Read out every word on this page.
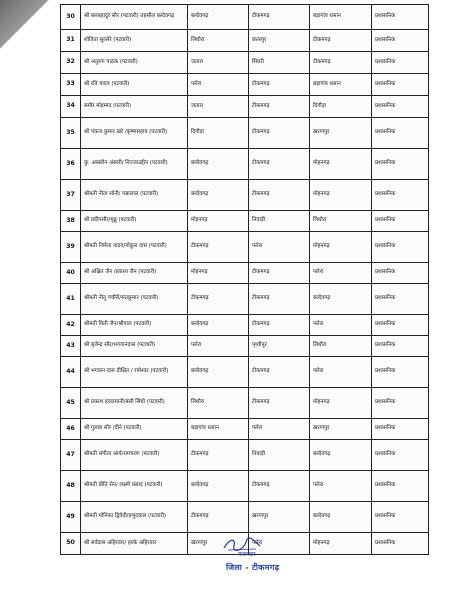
30	श्री बलबहादुर सौर (पटवारी) तहसील बल्देवगढ़	बल्देवगढ़	टीकमगढ़	बड़ागांव धसान	प्रशासनिक
31	शोविता सुल्लेरे (पटवारी)	लिधौरा	छतरपुर	टीकमगढ़	प्रशासनिक
32	श्री अनुराग पाठक (पटवारी)	जतारा	सिंधरी	टीकमगढ़	प्रशासनिक
33	श्री रवि यादव (पटवारी)	पलेरा	टीकमगढ़	बड़ागांव धसान	प्रशासनिक
34	समीर मोहम्मद (पटवारी)	जतारा	टीकमगढ़	दिगौड़ा	प्रशासनिक
35	श्री पंकज कुमार खरे /कृष्णसहाय (पटवारी)	दिगौड़ा	टीकमगढ़	खरगापुर	प्रशासनिक
36	कु. अब्बरीन अंसारी/ निज्जाउद्दीन (पटवारी)	बल्देवगढ़	टीकमगढ़	मोहनगढ़	प्रशासनिक
37	श्रीमती नीता सोनी/ पन्नालाल (पटवारी)	बल्देवगढ़	टीकमगढ़	मोहनगढ़	प्रशासनिक
38	श्री प्रदीपसौर/मुन्नु (पटवारी)	मोहनगढ़	निवाड़ी	लिधौरा	प्रशासनिक
39	श्रीमती निर्मला यादव/गोकुल दास (पटवारी)	टीकमगढ़	पलेरा	मोहनगढ़	प्रशासनिक
40	श्री अक्षित जैन /प्रकाश जैन (पटवारी)	मोहनगढ़	टीकमगढ़	पलेरा	प्रशासनिक
41	श्रीमती नीतू पचौरी/संतकुमार (पटवारी)	टीकमगढ़	टीकमगढ़	बल्देवगढ़	प्रशासनिक
42	श्रीमती किरी जैन/श्रीपाल (पटवारी)	बल्देवगढ़	टीकमगढ़	पलेरा	प्रशासनिक
43	श्री बृजेन्द्र सौर/भगवानदास (पटवारी)	पलेरा	पृथ्वीपुर	लिधौरा	प्रशासनिक
44	श्री भगवान दास दीक्षित / रामेश्वर (पटवारी)	बल्देवगढ़	टीकमगढ़	पलेरा	प्रशासनिक
45	श्री प्रकाश हरदासानी/बंसी सिंधी (पटवारी)	लिधौरा	टीकमगढ़	मोहनगढ़	प्रशासनिक
46	श्री गुलाब सौर /दीने (पटवारी)	बड़ागांव धसान	पलेरा	खरगापुर	प्रशासनिक
47	श्रीमती संगीता आर्य/रामचरण (पटवारी)	टीकमगढ़	निवाड़ी	बल्देवगढ़	प्रशासनिक
48	श्रीमती प्रीति सेन/ लक्ष्मी प्रसाद (पटवारी)	बल्देवगढ़	टीकमगढ़	पलेरा	प्रशासनिक
49	श्रीमती मोनिका द्विवेदी/प्रभुदयाल (पटवारी)	टीकमगढ़	खरगापुर	बल्देवगढ़	प्रशासनिक
50	श्री सर्वदास अहिरवार/ हल्के अहिरवार	खरगापुर	पलेरा	मोहनगढ़	प्रशासनिक
कलक्टर
जिला - टीकमगढ़
